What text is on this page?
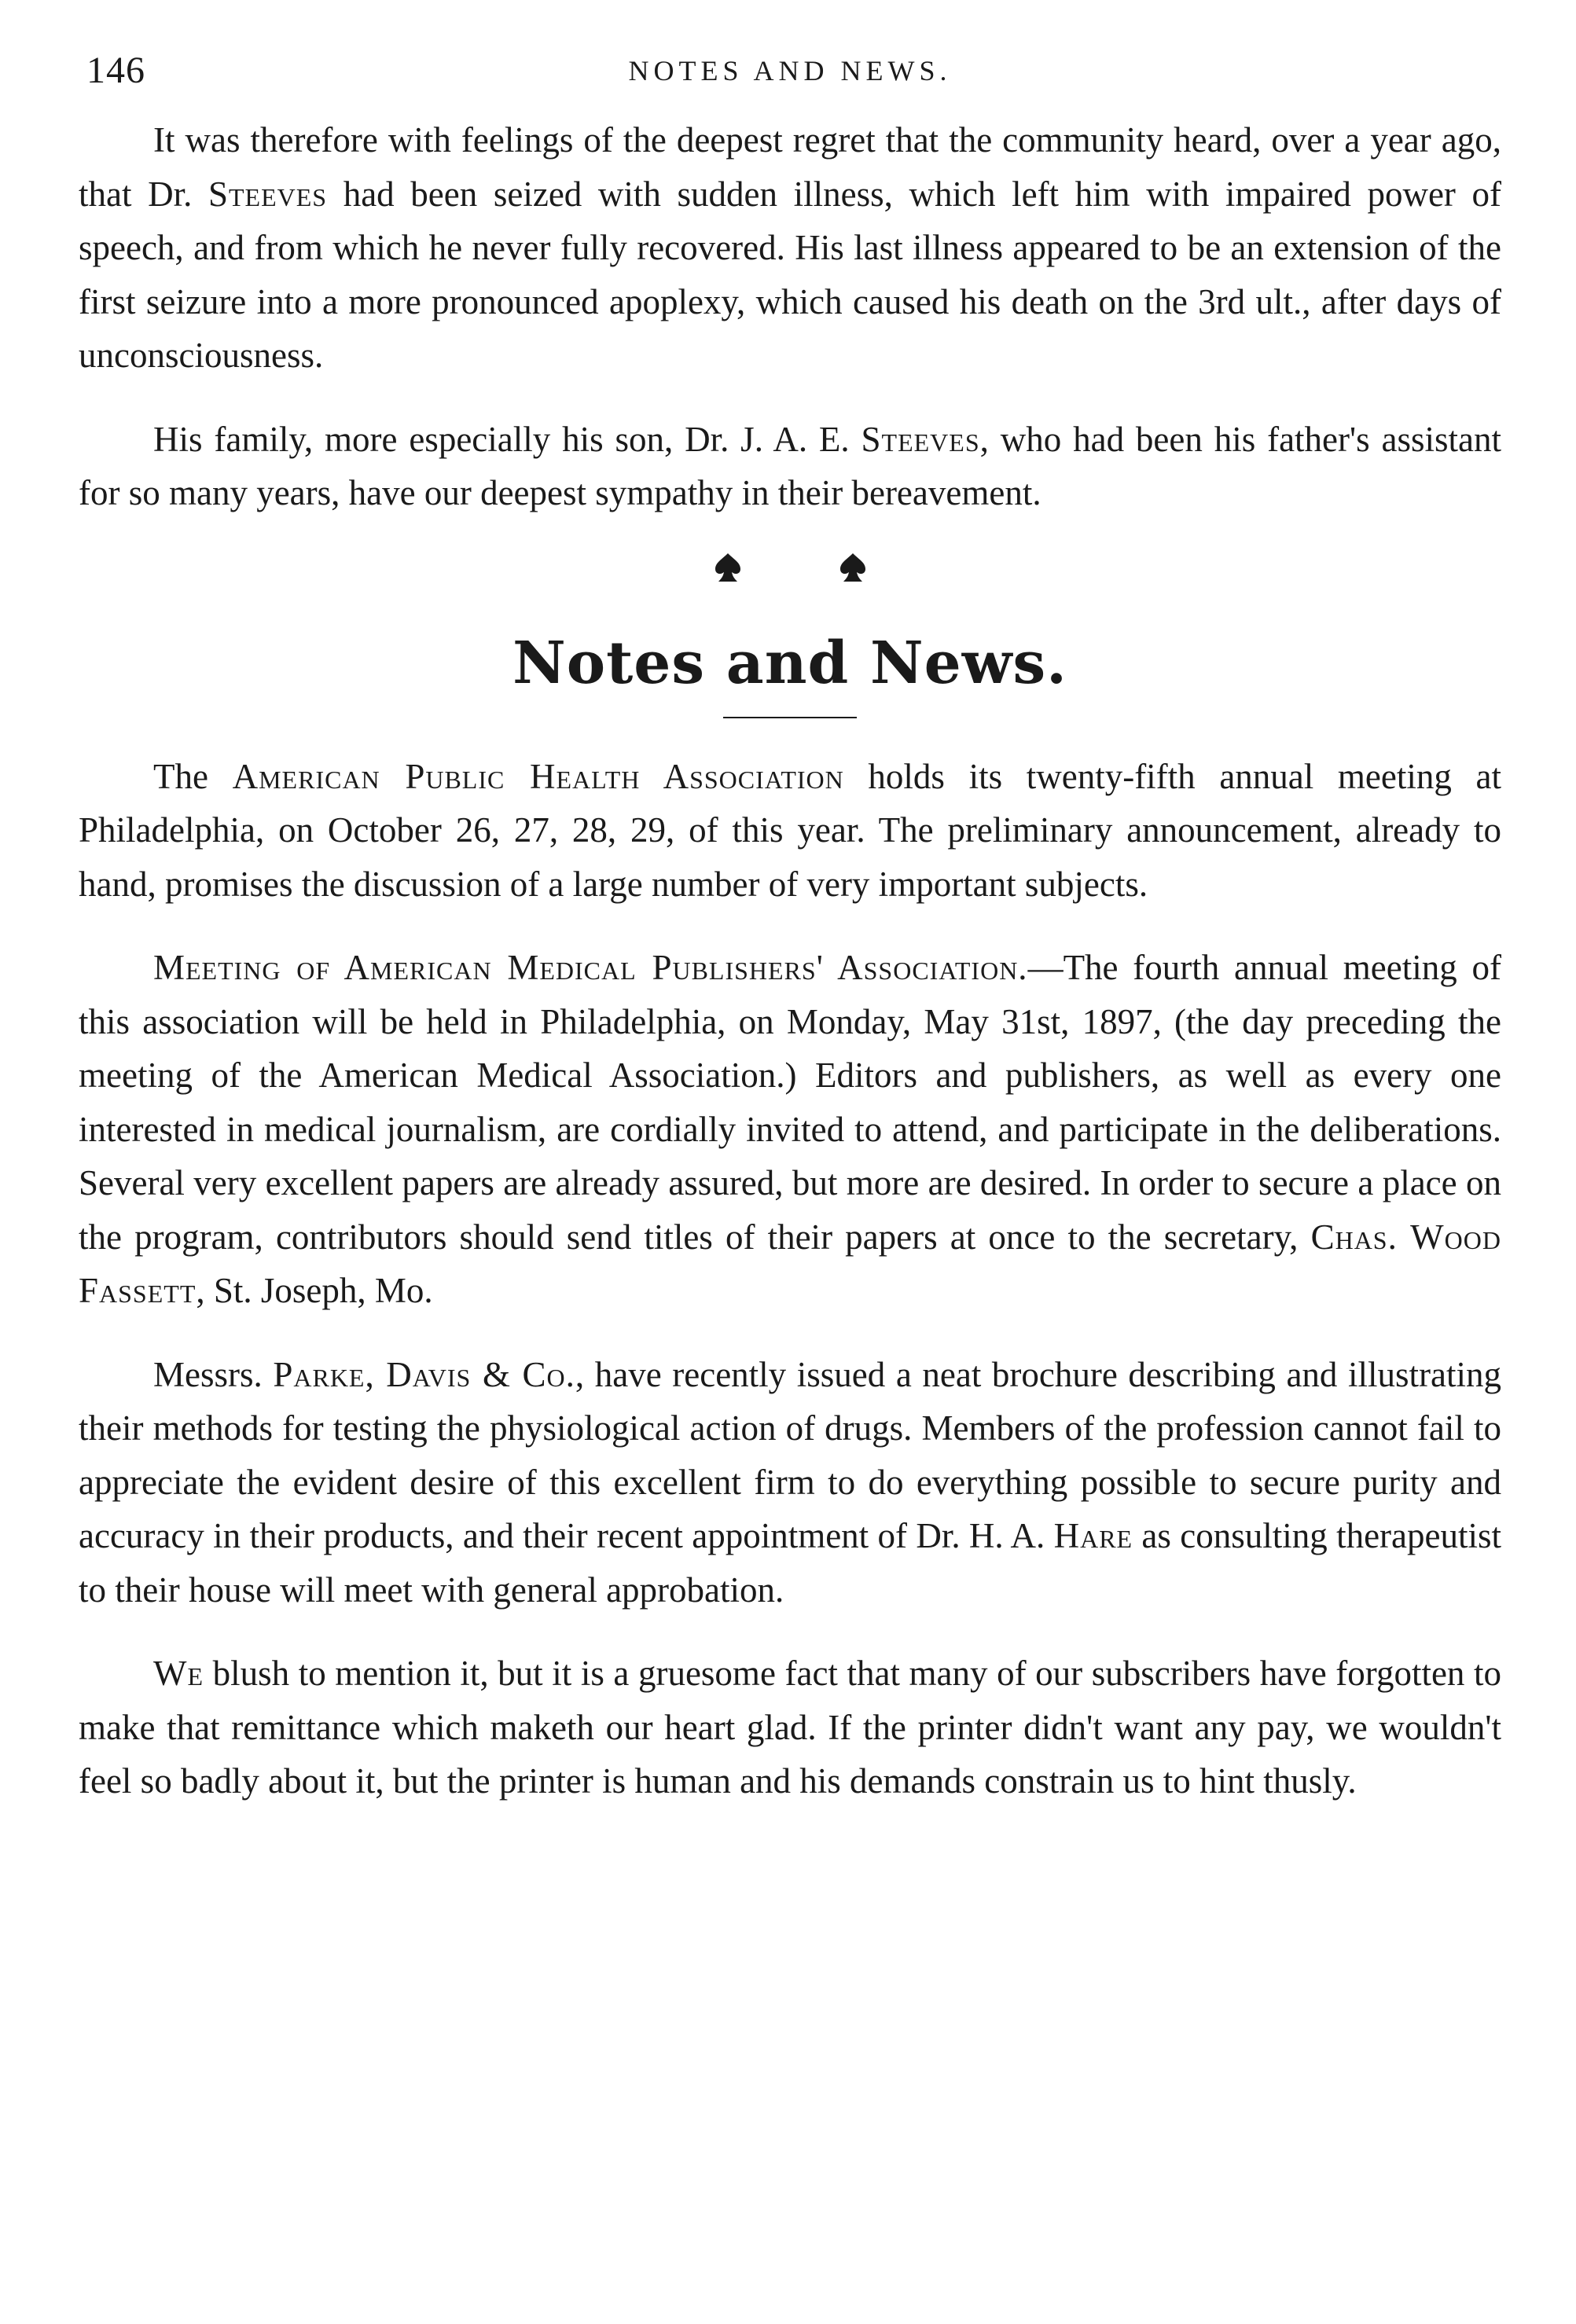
146	NOTES AND NEWS.

It was therefore with feelings of the deepest regret that the community heard, over a year ago, that Dr. Steeves had been seized with sudden illness, which left him with impaired power of speech, and from which he never fully recovered. His last illness appeared to be an extension of the first seizure into a more pronounced apoplexy, which caused his death on the 3rd ult., after days of unconsciousness.

His family, more especially his son, Dr. J. A. E. Steeves, who had been his father's assistant for so many years, have our deepest sympathy in their bereavement.

Notes and News.

The American Public Health Association holds its twenty-fifth annual meeting at Philadelphia, on October 26, 27, 28, 29, of this year. The preliminary announcement, already to hand, promises the discussion of a large number of very important subjects.

Meeting of American Medical Publishers' Association.—The fourth annual meeting of this association will be held in Philadelphia, on Monday, May 31st, 1897, (the day preceding the meeting of the American Medical Association.) Editors and publishers, as well as every one interested in medical journalism, are cordially invited to attend, and participate in the deliberations. Several very excellent papers are already assured, but more are desired. In order to secure a place on the program, contributors should send titles of their papers at once to the secretary, Chas. Wood Fassett, St. Joseph, Mo.

Messrs. Parke, Davis & Co., have recently issued a neat brochure describing and illustrating their methods for testing the physiological action of drugs. Members of the profession cannot fail to appreciate the evident desire of this excellent firm to do everything possible to secure purity and accuracy in their products, and their recent appointment of Dr. H. A. Hare as consulting therapeutist to their house will meet with general approbation.

We blush to mention it, but it is a gruesome fact that many of our subscribers have forgotten to make that remittance which maketh our heart glad. If the printer didn't want any pay, we wouldn't feel so badly about it, but the printer is human and his demands constrain us to hint thusly.
